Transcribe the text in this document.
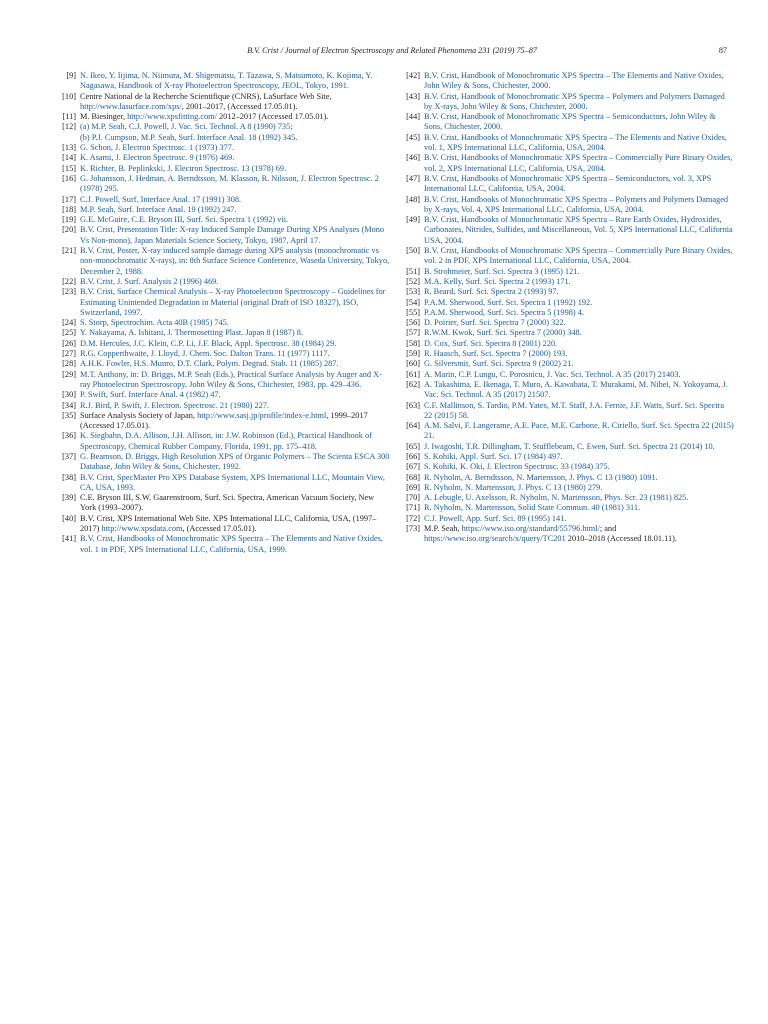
B.V. Crist / Journal of Electron Spectroscopy and Related Phenomena 231 (2019) 75–87	87
[9] N. Ikeo, Y. Iijima, N. Niimura, M. Shigematsu, T. Tazawa, S. Matsumoto, K. Kojima, Y. Nagasawa, Handbook of X-ray Photoelectron Spectroscopy, JEOL, Tokyo, 1991.
[10] Centre National de la Recherche Scientifique (CNRS), LaSurface Web Site, http://www.lasurface.com/xps/, 2001–2017, (Accessed 17.05.01).
[11] M. Biesinger, http://www.xpsfitting.com/ 2012–2017 (Accessed 17.05.01).
[12] (a) M.P. Seah, C.J. Powell, J. Vac. Sci. Technol. A 8 (1990) 735;
(b) P.J. Cumpson, M.P. Seah, Surf. Interface Anal. 18 (1992) 345.
[13] G. Schon, J. Electron Spectrosc. 1 (1973) 377.
[14] K. Asami, J. Electron Spectrosc. 9 (1976) 469.
[15] K. Richter, B. Peplinkski, J. Electron Spectrosc. 13 (1978) 69.
[16] G. Johansson, J. Hedman, A. Berndtsson, M. Klasson, R. Nilsson, J. Electron Spectrosc. 2 (1978) 295.
[17] C.J. Powell, Surf. Interface Anal. 17 (1991) 308.
[18] M.P. Seah, Surf. Interface Anal. 19 (1992) 247.
[19] G.E. McGuire, C.E. Bryson III, Surf. Sci. Spectra 1 (1992) vii.
[20] B.V. Crist, Presentation Title: X-ray Induced Sample Damage During XPS Analyses (Mono Vs Non-mono), Japan Materials Science Society, Tokyo, 1987, April 17.
[21] B.V. Crist, Poster, X-ray induced sample damage during XPS analysis (monochromatic vs non-monochromatic X-rays), in: 8th Surface Science Conference, Waseda University, Tokyo, December 2, 1988.
[22] B.V. Crist, J. Surf. Analysis 2 (1996) 469.
[23] B.V. Crist, Surface Chemical Analysis – X-ray Photoelectron Spectroscopy – Guidelines for Estimating Unintended Degradation in Material (original Draft of ISO 18327), ISO, Switzerland, 1997.
[24] S. Storp, Spectrochim. Acta 40B (1985) 745.
[25] Y. Nakayama, A. Ishitani, J. Thermosetting Plast. Japan 8 (1987) 8.
[26] D.M. Hercules, J.C. Klein, C.P. Li, J.F. Black, Appl. Spectrosc. 38 (1984) 29.
[27] R.G. Copperthwaite, J. Lloyd, J. Chem. Soc. Dalton Trans. 11 (1977) 1117.
[28] A.H.K. Fowler, H.S. Munro, D.T. Clark, Polym. Degrad. Stab. 11 (1985) 287.
[29] M.T. Anthony, in: D. Briggs, M.P. Seah (Eds.), Practical Surface Analysis by Auger and X-ray Photoelectron Spectroscopy, John Wiley & Sons, Chichester, 1983, pp. 429–436.
[30] P. Swift, Surf. Interface Anal. 4 (1982) 47.
[34] R.J. Bird, P. Swift, J. Electron. Spectrosc. 21 (1980) 227.
[35] Surface Analysis Society of Japan, http://www.sasj.jp/profile/index-e.html, 1999–2017 (Accessed 17.05.01).
[36] K. Siegbahn, D.A. Allison, J.H. Allison, in: J.W. Robinson (Ed.), Practical Handbook of Spectroscopy, Chemical Rubber Company, Florida, 1991, pp. 175–418.
[37] G. Beamson, D. Briggs, High Resolution XPS of Organic Polymers – The Scienta ESCA 300 Database, John Wiley & Sons, Chichester, 1992.
[38] B.V. Crist, SpecMaster Pro XPS Database System, XPS International LLC, Mountain View, CA, USA, 1993.
[39] C.E. Bryson III, S.W. Gaarenstroom, Surf. Sci. Spectra, American Vacuum Society, New York (1993–2007).
[40] B.V. Crist, XPS International Web Site. XPS International LLC, California, USA, (1997–2017) http://www.xpsdata.com, (Accessed 17.05.01).
[41] B.V. Crist, Handbooks of Monochromatic XPS Spectra – The Elements and Native Oxides, vol. 1 in PDF, XPS International LLC, California, USA, 1999.
[42] B.V. Crist, Handbook of Monochromatic XPS Spectra – The Elements and Native Oxides, John Wiley & Sons, Chichester, 2000.
[43] B.V. Crist, Handbook of Monochromatic XPS Spectra – Polymers and Polymers Damaged by X-rays, John Wiley & Sons, Chichester, 2000.
[44] B.V. Crist, Handbook of Monochromatic XPS Spectra – Semiconductors, John Wiley & Sons, Chichester, 2000.
[45] B.V. Crist, Handbooks of Monochromatic XPS Spectra – The Elements and Native Oxides, vol. 1, XPS International LLC, California, USA, 2004.
[46] B.V. Crist, Handbooks of Monochromatic XPS Spectra – Commercially Pure Binary Oxides, vol. 2, XPS International LLC, California, USA, 2004.
[47] B.V. Crist, Handbooks of Monochromatic XPS Spectra – Semiconductors, vol. 3, XPS International LLC, California, USA, 2004.
[48] B.V. Crist, Handbooks of Monochromatic XPS Spectra – Polymers and Polymers Damaged by X-rays, Vol. 4, XPS International LLC, California, USA, 2004.
[49] B.V. Crist, Handbooks of Monochromatic XPS Spectra – Rare Earth Oxides, Hydroxides, Carbonates, Nitrides, Sulfides, and Miscellaneous, Vol. 5, XPS International LLC, California USA, 2004.
[50] B.V. Crist, Handbooks of Monochromatic XPS Spectra – Commercially Pure Binary Oxides, vol. 2 in PDF, XPS International LLC, California, USA, 2004.
[51] B. Strohmeier, Surf. Sci. Spectra 3 (1995) 121.
[52] M.A. Kelly, Surf. Sci. Spectra 2 (1993) 171.
[53] R. Beard, Surf. Sci. Spectra 2 (1993) 97.
[54] P.A.M. Sherwood, Surf. Sci. Spectra 1 (1992) 192.
[55] P.A.M. Sherwood, Surf. Sci. Spectra 5 (1998) 4.
[56] D. Poirier, Surf. Sci. Spectra 7 (2000) 322.
[57] R.W.M. Kwok, Surf. Sci. Spectra 7 (2000) 348.
[58] D. Cox, Surf. Sci. Spectra 8 (2001) 220.
[59] R. Haasch, Surf. Sci. Spectra 7 (2000) 193.
[60] G. Silversmit, Surf. Sci. Spectra 9 (2002) 21.
[61] A. Marin, C.P. Lungu, C. Porosnicu, J. Vac. Sci. Technol. A 35 (2017) 21403.
[62] A. Takashima, E. Ikenaga, T. Muro, A. Kawabata, T. Murakami, M. Nihei, N. Yokoyama, J. Vac. Sci. Technol. A 35 (2017) 21507.
[63] C.F. Mallinson, S. Tardio, P.M. Yates, M.T. Staff, J.A. Fernie, J.F. Watts, Surf. Sci. Spectra 22 (2015) 58.
[64] A.M. Salvi, F. Langerame, A.E. Pace, M.E. Carbone, R. Ciriello, Surf. Sci. Spectra 22 (2015) 21.
[65] J. Iwagoshi, T.R. Dillingham, T. Stufflebeam, C. Ewen, Surf. Sci. Spectra 21 (2014) 10.
[66] S. Kohiki, Appl. Surf. Sci. 17 (1984) 497.
[67] S. Kohiki, K. Oki, J. Electron Spectrosc. 33 (1984) 375.
[68] R. Nyholm, A. Berndtsson, N. Martensson, J. Phys. C 13 (1980) 1091.
[69] R. Nyholm, N. Martensson, J. Phys. C 13 (1980) 279.
[70] A. Lebugle, U. Axelsson, R. Nyholm, N. Martensson, Phys. Scr. 23 (1981) 825.
[71] R. Nyholm, N. Martensson, Solid State Commun. 40 (1981) 311.
[72] C.J. Powell, App. Surf. Sci. 89 (1995) 141.
[73] M.P. Seah, https://www.iso.org/standard/55796.html/; and https://www.iso.org/search/x/query/TC201 2010–2018 (Accessed 18.01.11).
